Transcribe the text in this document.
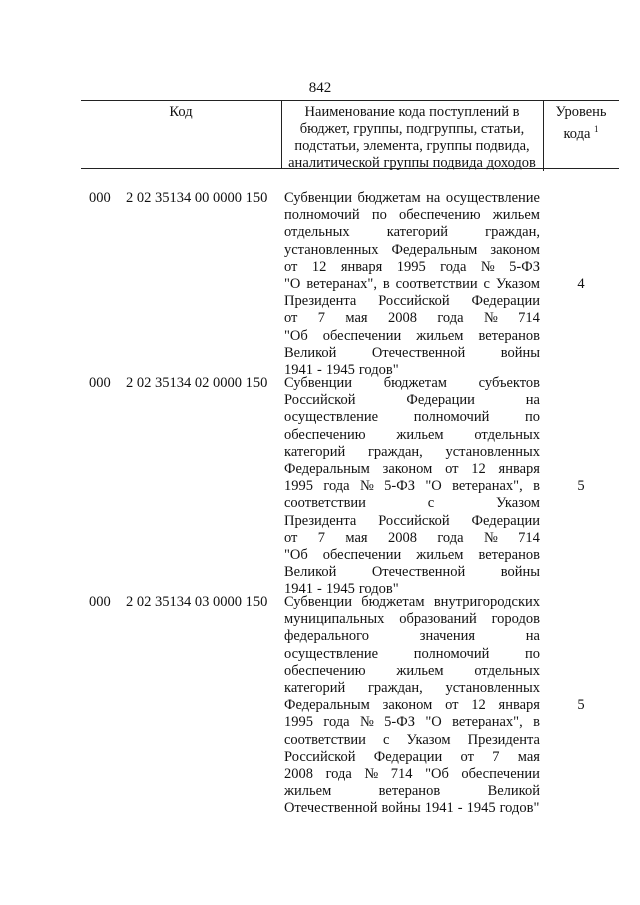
842
Код	Наименование кода поступлений в
бюджет, группы, подгруппы, статьи,
подстатьи, элемента, группы подвида,
аналитической группы подвида доходов
Уровень
кода $^1$
000 2 02 35134 00 0000 150 Субвенции бюджетам на осуществление
полномочий по обеспечению жильем
отдельных	категорий	граждан,
установленных Федеральным законом
от 12 января 1995 года № 5-ФЗ
"О ветеранах", в соответствии с Указом
Президента Российской Федерации
от 7 мая 2008 года № 714
"Об обеспечении жильем ветеранов
Великой Отечественной войны
1941 - 1945 годов"
4
000 2 02 35134 02 0000 150 Субвенции бюджетам субъектов
Российской	Федерации	на
осуществление полномочий по
обеспечению жильем отдельных
категорий граждан, установленных
Федеральным законом от 12 января
1995 года № 5-ФЗ "О ветеранах", в
соответствии	с	Указом
Президента Российской Федерации
от 7 мая 2008 года № 714
"Об обеспечении жильем ветеранов
Великой Отечественной войны
1941 - 1945 годов"
5
000 2 02 35134 03 0000 150 Субвенции бюджетам внутригородских
муниципальных образований городов
федерального	значения	на
осуществление полномочий по
обеспечению жильем отдельных
категорий граждан, установленных
Федеральным законом от 12 января
1995 года № 5-ФЗ "О ветеранах", в
соответствии с Указом Президента
Российской Федерации от 7 мая
2008 года № 714 "Об обеспечении
жильем	ветеранов	Великой
Отечественной войны 1941 - 1945 годов"
5
